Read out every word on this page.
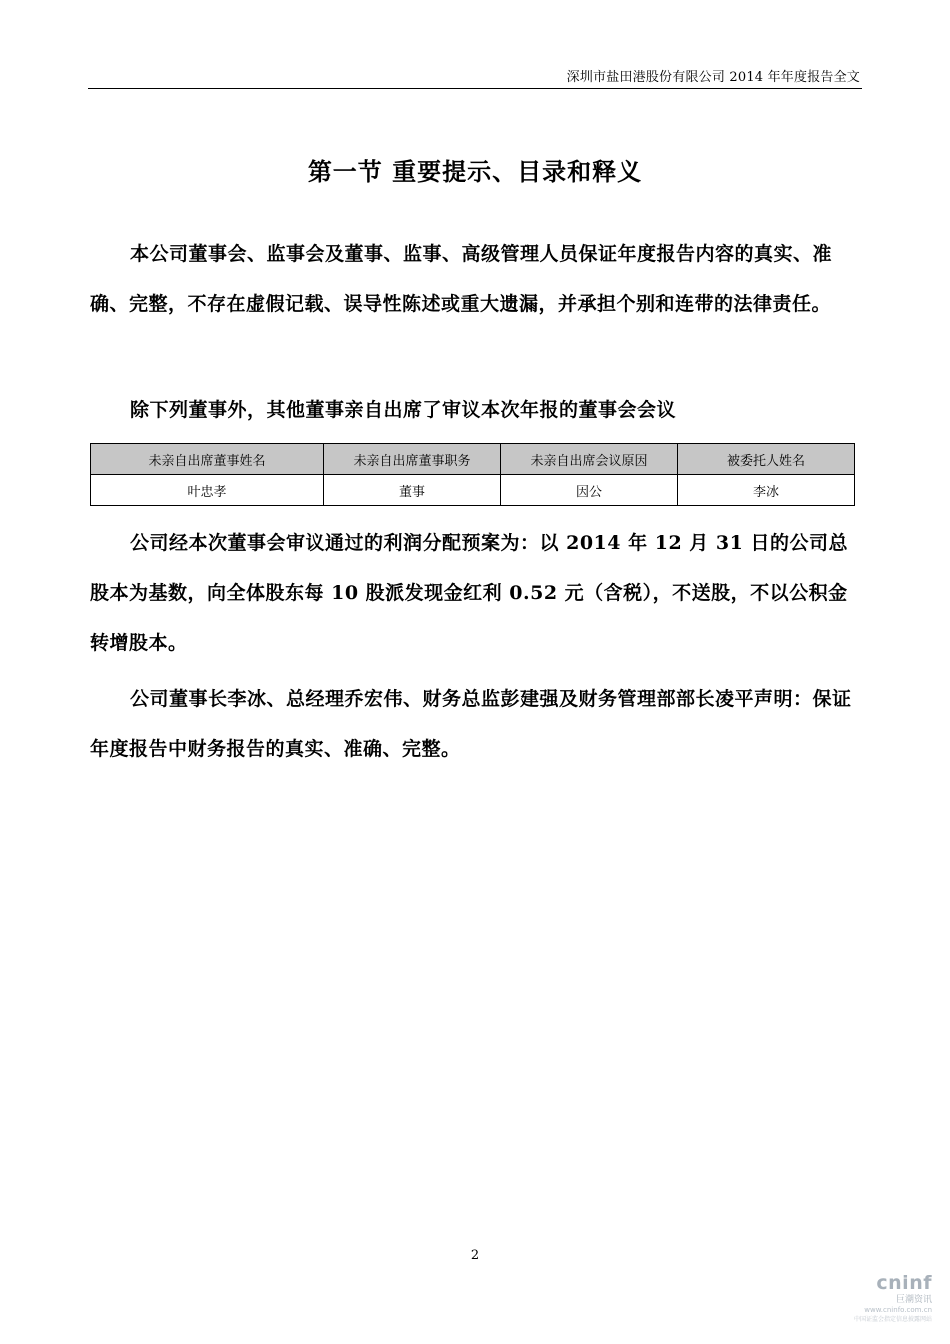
深圳市盐田港股份有限公司 2014 年年度报告全文
第一节 重要提示、目录和释义
本公司董事会、监事会及董事、监事、高级管理人员保证年度报告内容的真实、准确、完整，不存在虚假记载、误导性陈述或重大遗漏，并承担个别和连带的法律责任。
除下列董事外，其他董事亲自出席了审议本次年报的董事会会议
未亲自出席董事姓名	未亲自出席董事职务	未亲自出席会议原因	被委托人姓名
叶忠孝	董事	因公	李冰
公司经本次董事会审议通过的利润分配预案为：以 2014 年 12 月 31 日的公司总股本为基数，向全体股东每 10 股派发现金红利 0.52 元（含税），不送股，不以公积金转增股本。
公司董事长李冰、总经理乔宏伟、财务总监彭建强及财务管理部部长凌平声明：保证年度报告中财务报告的真实、准确、完整。
2
cninf
巨潮资讯
www.cninfo.com.cn
中国证监会指定信息披露网站
